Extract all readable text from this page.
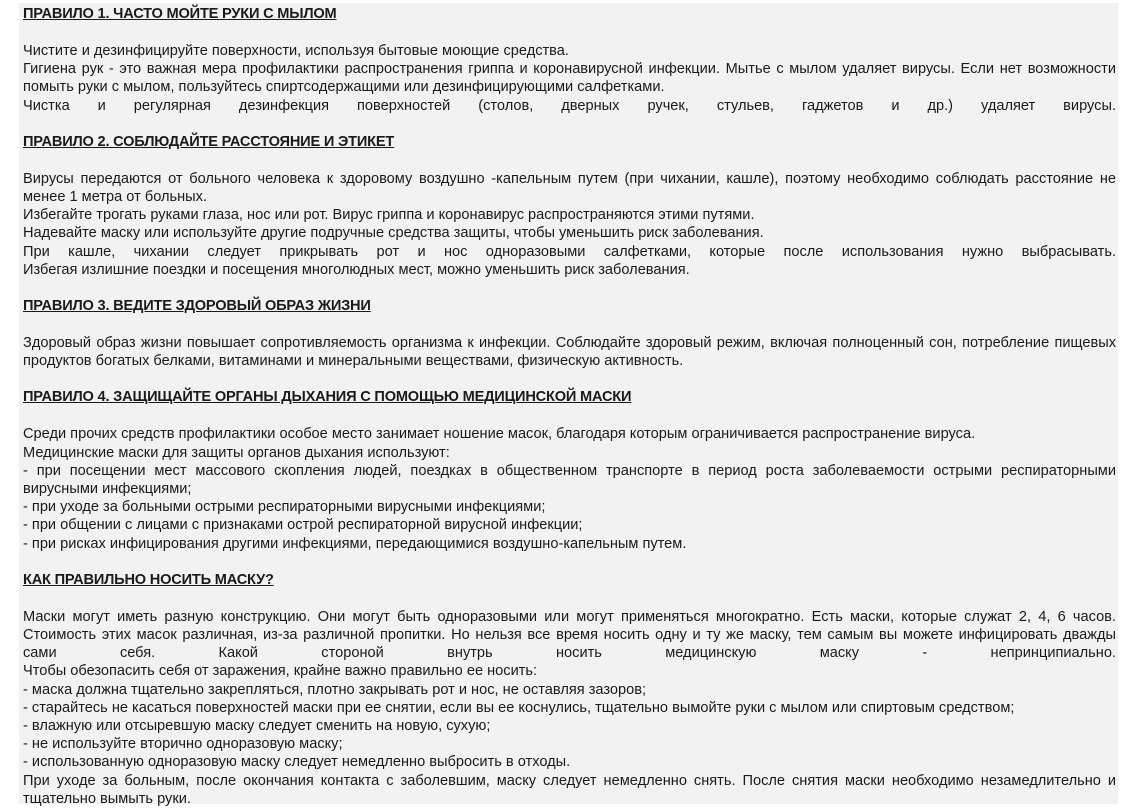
ПРАВИЛО 1. ЧАСТО МОЙТЕ РУКИ С МЫЛОМ

Чистите и дезинфицируйте поверхности, используя бытовые моющие средства.

Гигиена рук - это важная мера профилактики распространения гриппа и коронавирусной инфекции. Мытье с мылом удаляет вирусы. Если нет возможности помыть руки с мылом, пользуйтесь спиртсодержащими или дезинфицирующими салфетками.

Чистка и регулярная дезинфекция поверхностей (столов, дверных ручек, стульев, гаджетов и др.) удаляет вирусы.

ПРАВИЛО 2. СОБЛЮДАЙТЕ РАССТОЯНИЕ И ЭТИКЕТ

Вирусы передаются от больного человека к здоровому воздушно -капельным путем (при чихании, кашле), поэтому необходимо соблюдать расстояние не менее 1 метра от больных.

Избегайте трогать руками глаза, нос или рот. Вирус гриппа и коронавирус распространяются этими путями.

Надевайте маску или используйте другие подручные средства защиты, чтобы уменьшить риск заболевания.

При кашле, чихании следует прикрывать рот и нос одноразовыми салфетками, которые после использования нужно выбрасывать.

Избегая излишние поездки и посещения многолюдных мест, можно уменьшить риск заболевания.

ПРАВИЛО 3. ВЕДИТЕ ЗДОРОВЫЙ ОБРАЗ ЖИЗНИ

Здоровый образ жизни повышает сопротивляемость организма к инфекции. Соблюдайте здоровый режим, включая полноценный сон, потребление пищевых продуктов богатых белками, витаминами и минеральными веществами, физическую активность.

ПРАВИЛО 4. ЗАЩИЩАЙТЕ ОРГАНЫ ДЫХАНИЯ С ПОМОЩЬЮ МЕДИЦИНСКОЙ МАСКИ

Среди прочих средств профилактики особое место занимает ношение масок, благодаря которым ограничивается распространение вируса.

Медицинские маски для защиты органов дыхания используют:

- при посещении мест массового скопления людей, поездках в общественном транспорте в период роста заболеваемости острыми респираторными вирусными инфекциями;

- при уходе за больными острыми респираторными вирусными инфекциями;

- при общении с лицами с признаками острой респираторной вирусной инфекции;

- при рисках инфицирования другими инфекциями, передающимися воздушно-капельным путем.

КАК ПРАВИЛЬНО НОСИТЬ МАСКУ?

Маски могут иметь разную конструкцию. Они могут быть одноразовыми или могут применяться многократно. Есть маски, которые служат 2, 4, 6 часов. Стоимость этих масок различная, из-за различной пропитки. Но нельзя все время носить одну и ту же маску, тем самым вы можете инфицировать дважды сами себя. Какой стороной внутрь носить медицинскую маску - непринципиально.

Чтобы обезопасить себя от заражения, крайне важно правильно ее носить:

- маска должна тщательно закрепляться, плотно закрывать рот и нос, не оставляя зазоров;

- старайтесь не касаться поверхностей маски при ее снятии, если вы ее коснулись, тщательно вымойте руки с мылом или спиртовым средством;

- влажную или отсыревшую маску следует сменить на новую, сухую;

- не используйте вторично одноразовую маску;

- использованную одноразовую маску следует немедленно выбросить в отходы.

При уходе за больным, после окончания контакта с заболевшим, маску следует немедленно снять. После снятия маски необходимо незамедлительно и тщательно вымыть руки.
